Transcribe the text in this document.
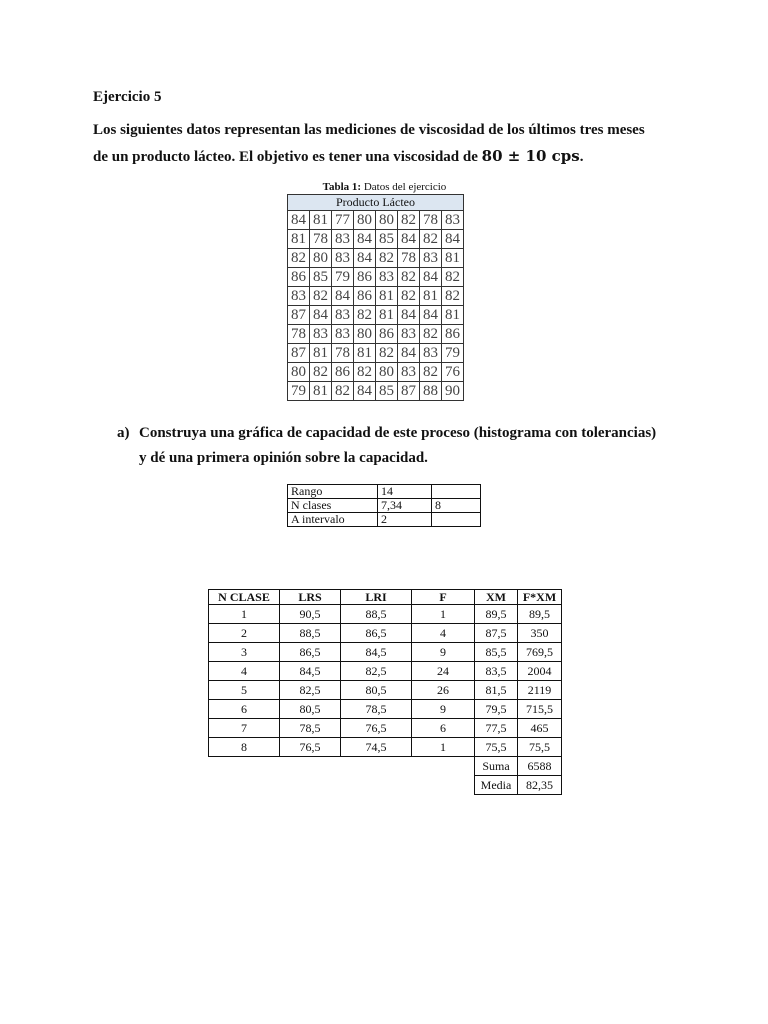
Ejercicio 5
Los siguientes datos representan las mediciones de viscosidad de los últimos tres meses
de un producto lácteo. El objetivo es tener una viscosidad de 80 ± 10 cps.
Tabla 1: Datos del ejercicio
Producto Lácteo							
84	81	77	80	80	82	78	83
81	78	83	84	85	84	82	84
82	80	83	84	82	78	83	81
86	85	79	86	83	82	84	82
83	82	84	86	81	82	81	82
87	84	83	82	81	84	84	81
78	83	83	80	86	83	82	86
87	81	78	81	82	84	83	79
80	82	86	82	80	83	82	76
79	81	82	84	85	87	88	90
a) Construya una gráfica de capacidad de este proceso (histograma con tolerancias)
y dé una primera opinión sobre la capacidad.
Rango	14	
N clases	7,34	8
A intervalo	2	
N CLASE	LRS	LRI	F	XM	F*XM
1	90,5	88,5	1	89,5	89,5
2	88,5	86,5	4	87,5	350
3	86,5	84,5	9	85,5	769,5
4	84,5	82,5	24	83,5	2004
5	82,5	80,5	26	81,5	2119
6	80,5	78,5	9	79,5	715,5
7	78,5	76,5	6	77,5	465
8	76,5	74,5	1	75,5	75,5
				Suma	6588
				Media	82,35
